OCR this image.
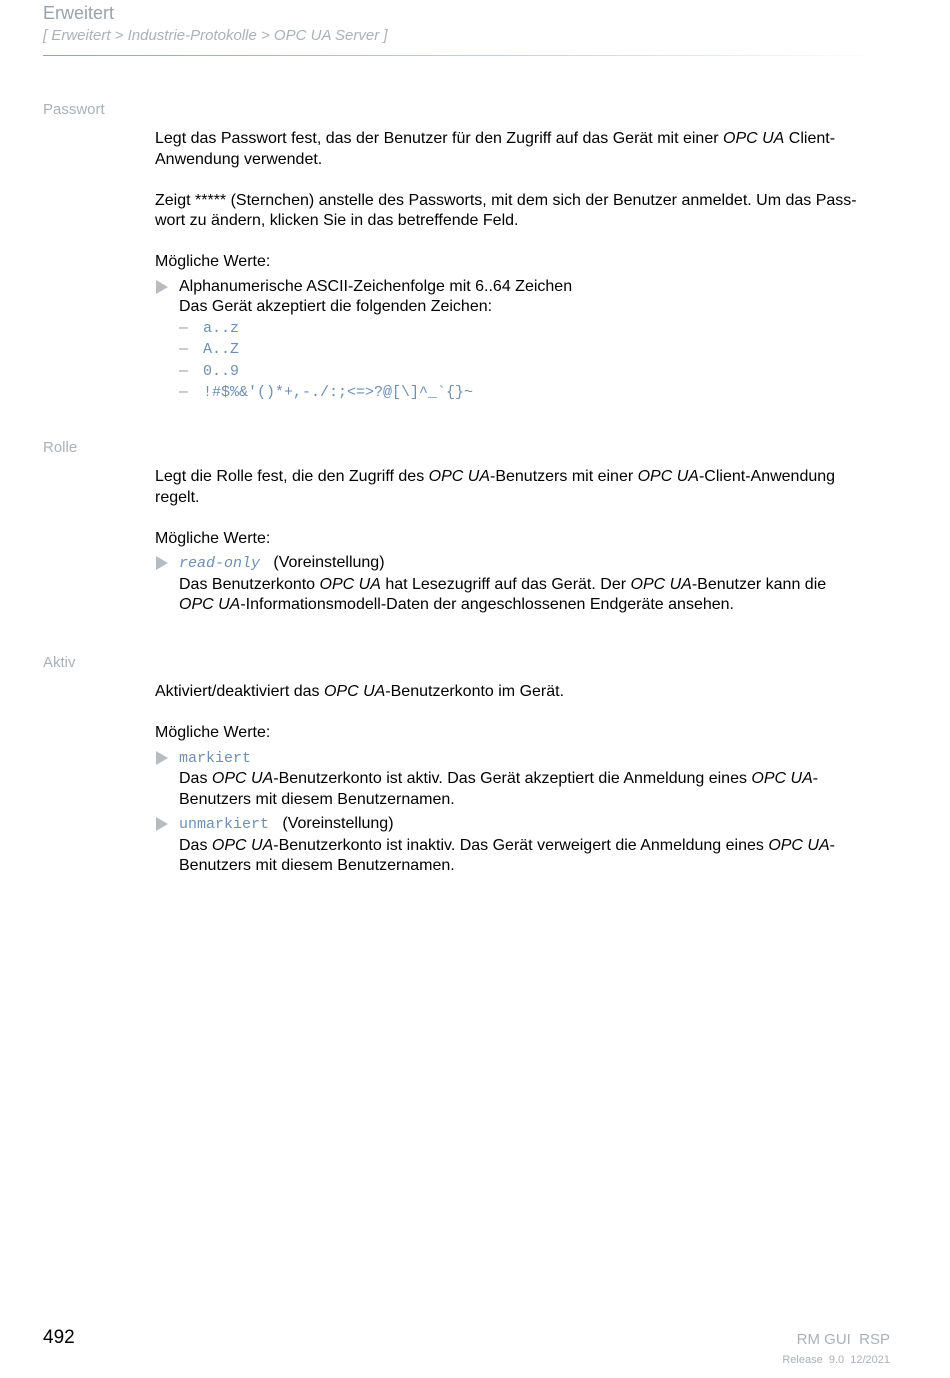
Erweitert
[ Erweitert > Industrie-Protokolle > OPC UA Server ]
Passwort

Legt das Passwort fest, das der Benutzer für den Zugriff auf das Gerät mit einer OPC UA Client-

Anwendung verwendet.

Zeigt ***** (Sternchen) anstelle des Passworts, mit dem sich der Benutzer anmeldet. Um das Pass-

wort zu ändern, klicken Sie in das betreffende Feld.

Mögliche Werte:

Alphanumerische ASCII-Zeichenfolge mit 6..64 Zeichen

Das Gerät akzeptiert die folgenden Zeichen:

– a..z
– A..Z
– 0..9
– !#$%&'()*+,-./:;<=>?@[\]^_`{}~
Rolle

Legt die Rolle fest, die den Zugriff des OPC UA-Benutzers mit einer OPC UA-Client-Anwendung

regelt.

Mögliche Werte:

read-only (Voreinstellung)

Das Benutzerkonto OPC UA hat Lesezugriff auf das Gerät. Der OPC UA-Benutzer kann die

OPC UA-Informationsmodell-Daten der angeschlossenen Endgeräte ansehen.

Aktiv

Aktiviert/deaktiviert das OPC UA-Benutzerkonto im Gerät.

Mögliche Werte:

markiert

Das OPC UA-Benutzerkonto ist aktiv. Das Gerät akzeptiert die Anmeldung eines OPC UA-

Benutzers mit diesem Benutzernamen.

unmarkiert (Voreinstellung)

Das OPC UA-Benutzerkonto ist inaktiv. Das Gerät verweigert die Anmeldung eines OPC UA-

Benutzers mit diesem Benutzernamen.

492	RM GUI  RSP
Release  9.0  12/2021
